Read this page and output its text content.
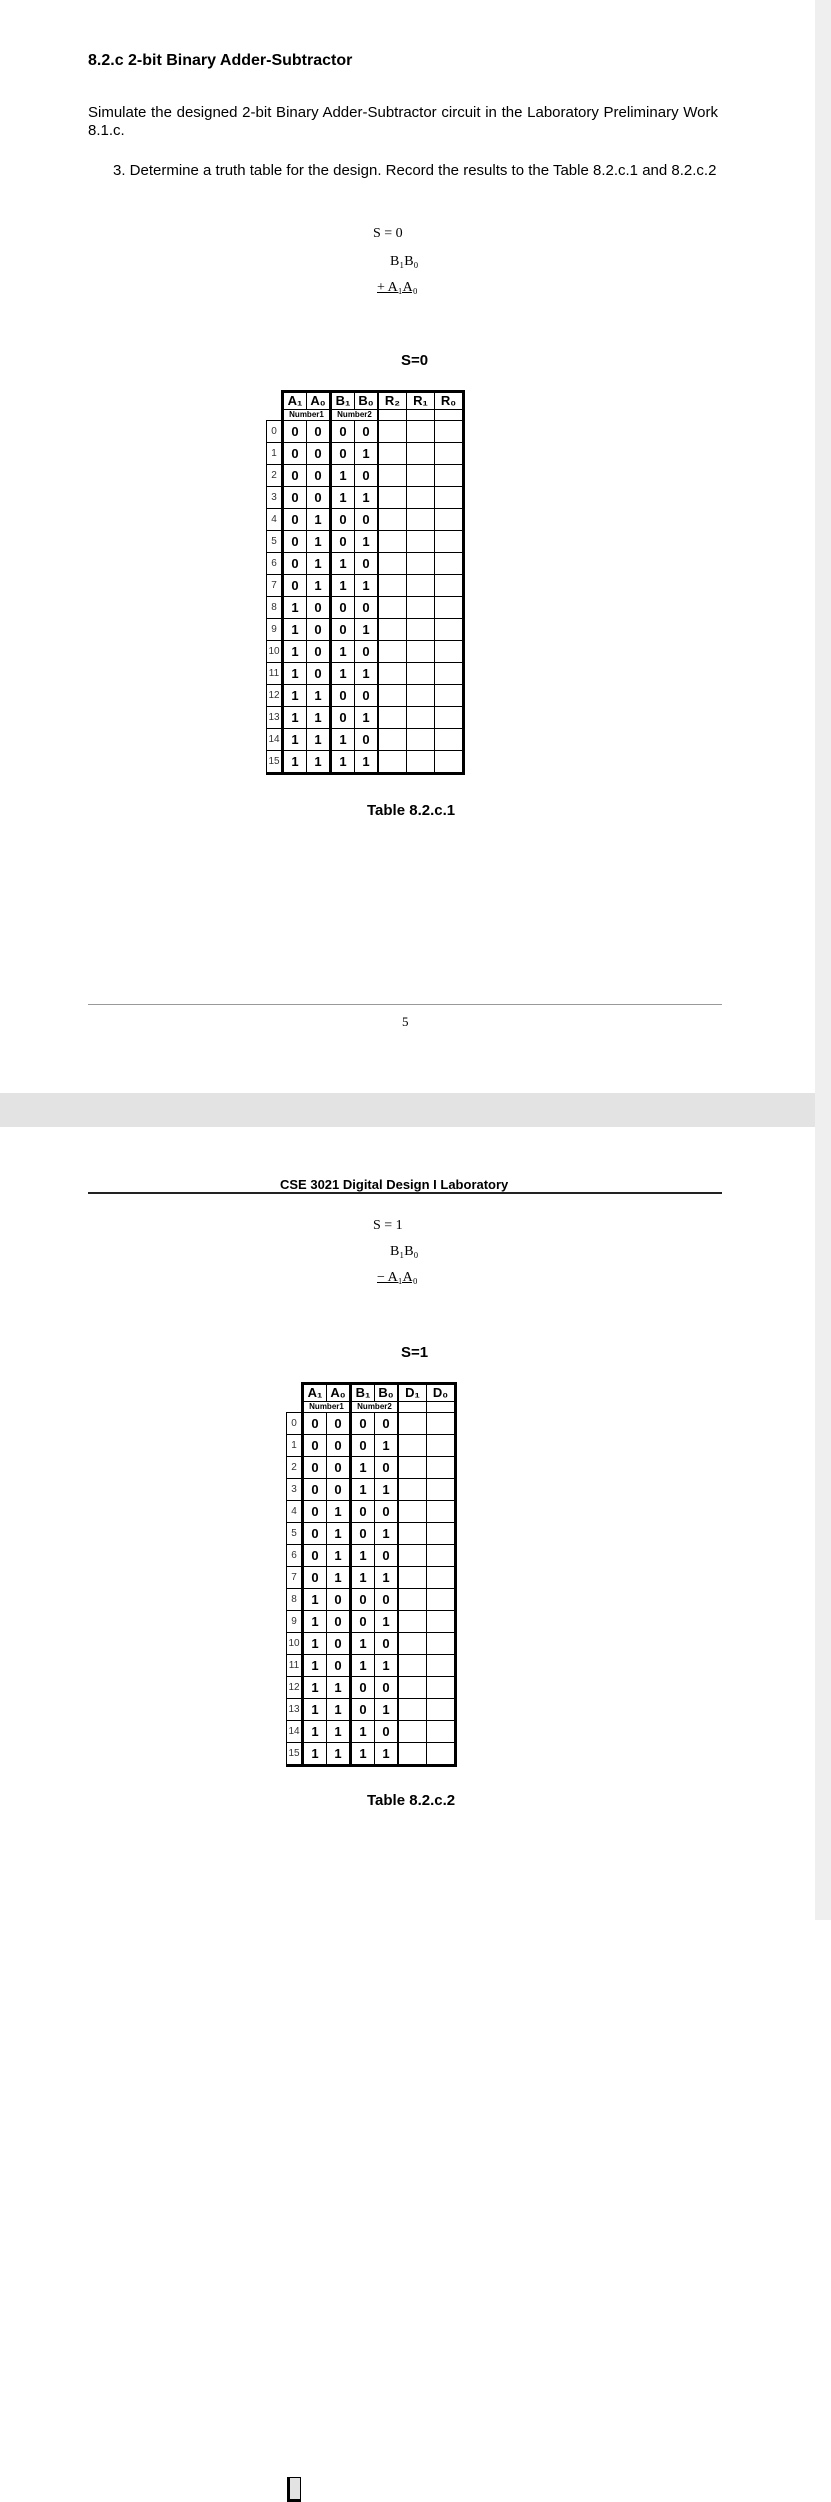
8.2.c 2-bit Binary Adder-Subtractor
Simulate the designed 2-bit Binary Adder-Subtractor circuit in the Laboratory Preliminary Work 8.1.c.
3. Determine a truth table for the design. Record the results to the Table 8.2.c.1 and 8.2.c.2
S = 0
B₁B₀
+ A₁A₀
S=0
	A₁	A₀	B₁	B₀	R₂	R₁	R₀
	Number1		Number2	

0	0	0	0	0	

1	0	0	0	1	

2	0	0	1	0	

3	0	0	1	1	

4	0	1	0	0	

5	0	1	0	1	

6	0	1	1	0	

7	0	1	1	1	

8	1	0	0	0	

9	1	0	0	1	

10	1	0	1	0	

11	1	0	1	1	

12	1	1	0	0	

13	1	1	0	1	

14	1	1	1	0	

15	1	1	1	1	

Table 8.2.c.1
5
CSE 3021 Digital Design I Laboratory
S = 1
B₁B₀
− A₁A₀
S=1
	A₁	A₀	B₁	B₀	D₁	D₀
	Number1		Number2	

0	0	0	0	0	

1	0	0	0	1	

2	0	0	1	0	

3	0	0	1	1	

4	0	1	0	0	

5	0	1	0	1	

6	0	1	1	0	

7	0	1	1	1	

8	1	0	0	0	

9	1	0	0	1	

10	1	0	1	0	

11	1	0	1	1	

12	1	1	0	0	

13	1	1	0	1	

14	1	1	1	0	

15	1	1	1	1	

Table 8.2.c.2
